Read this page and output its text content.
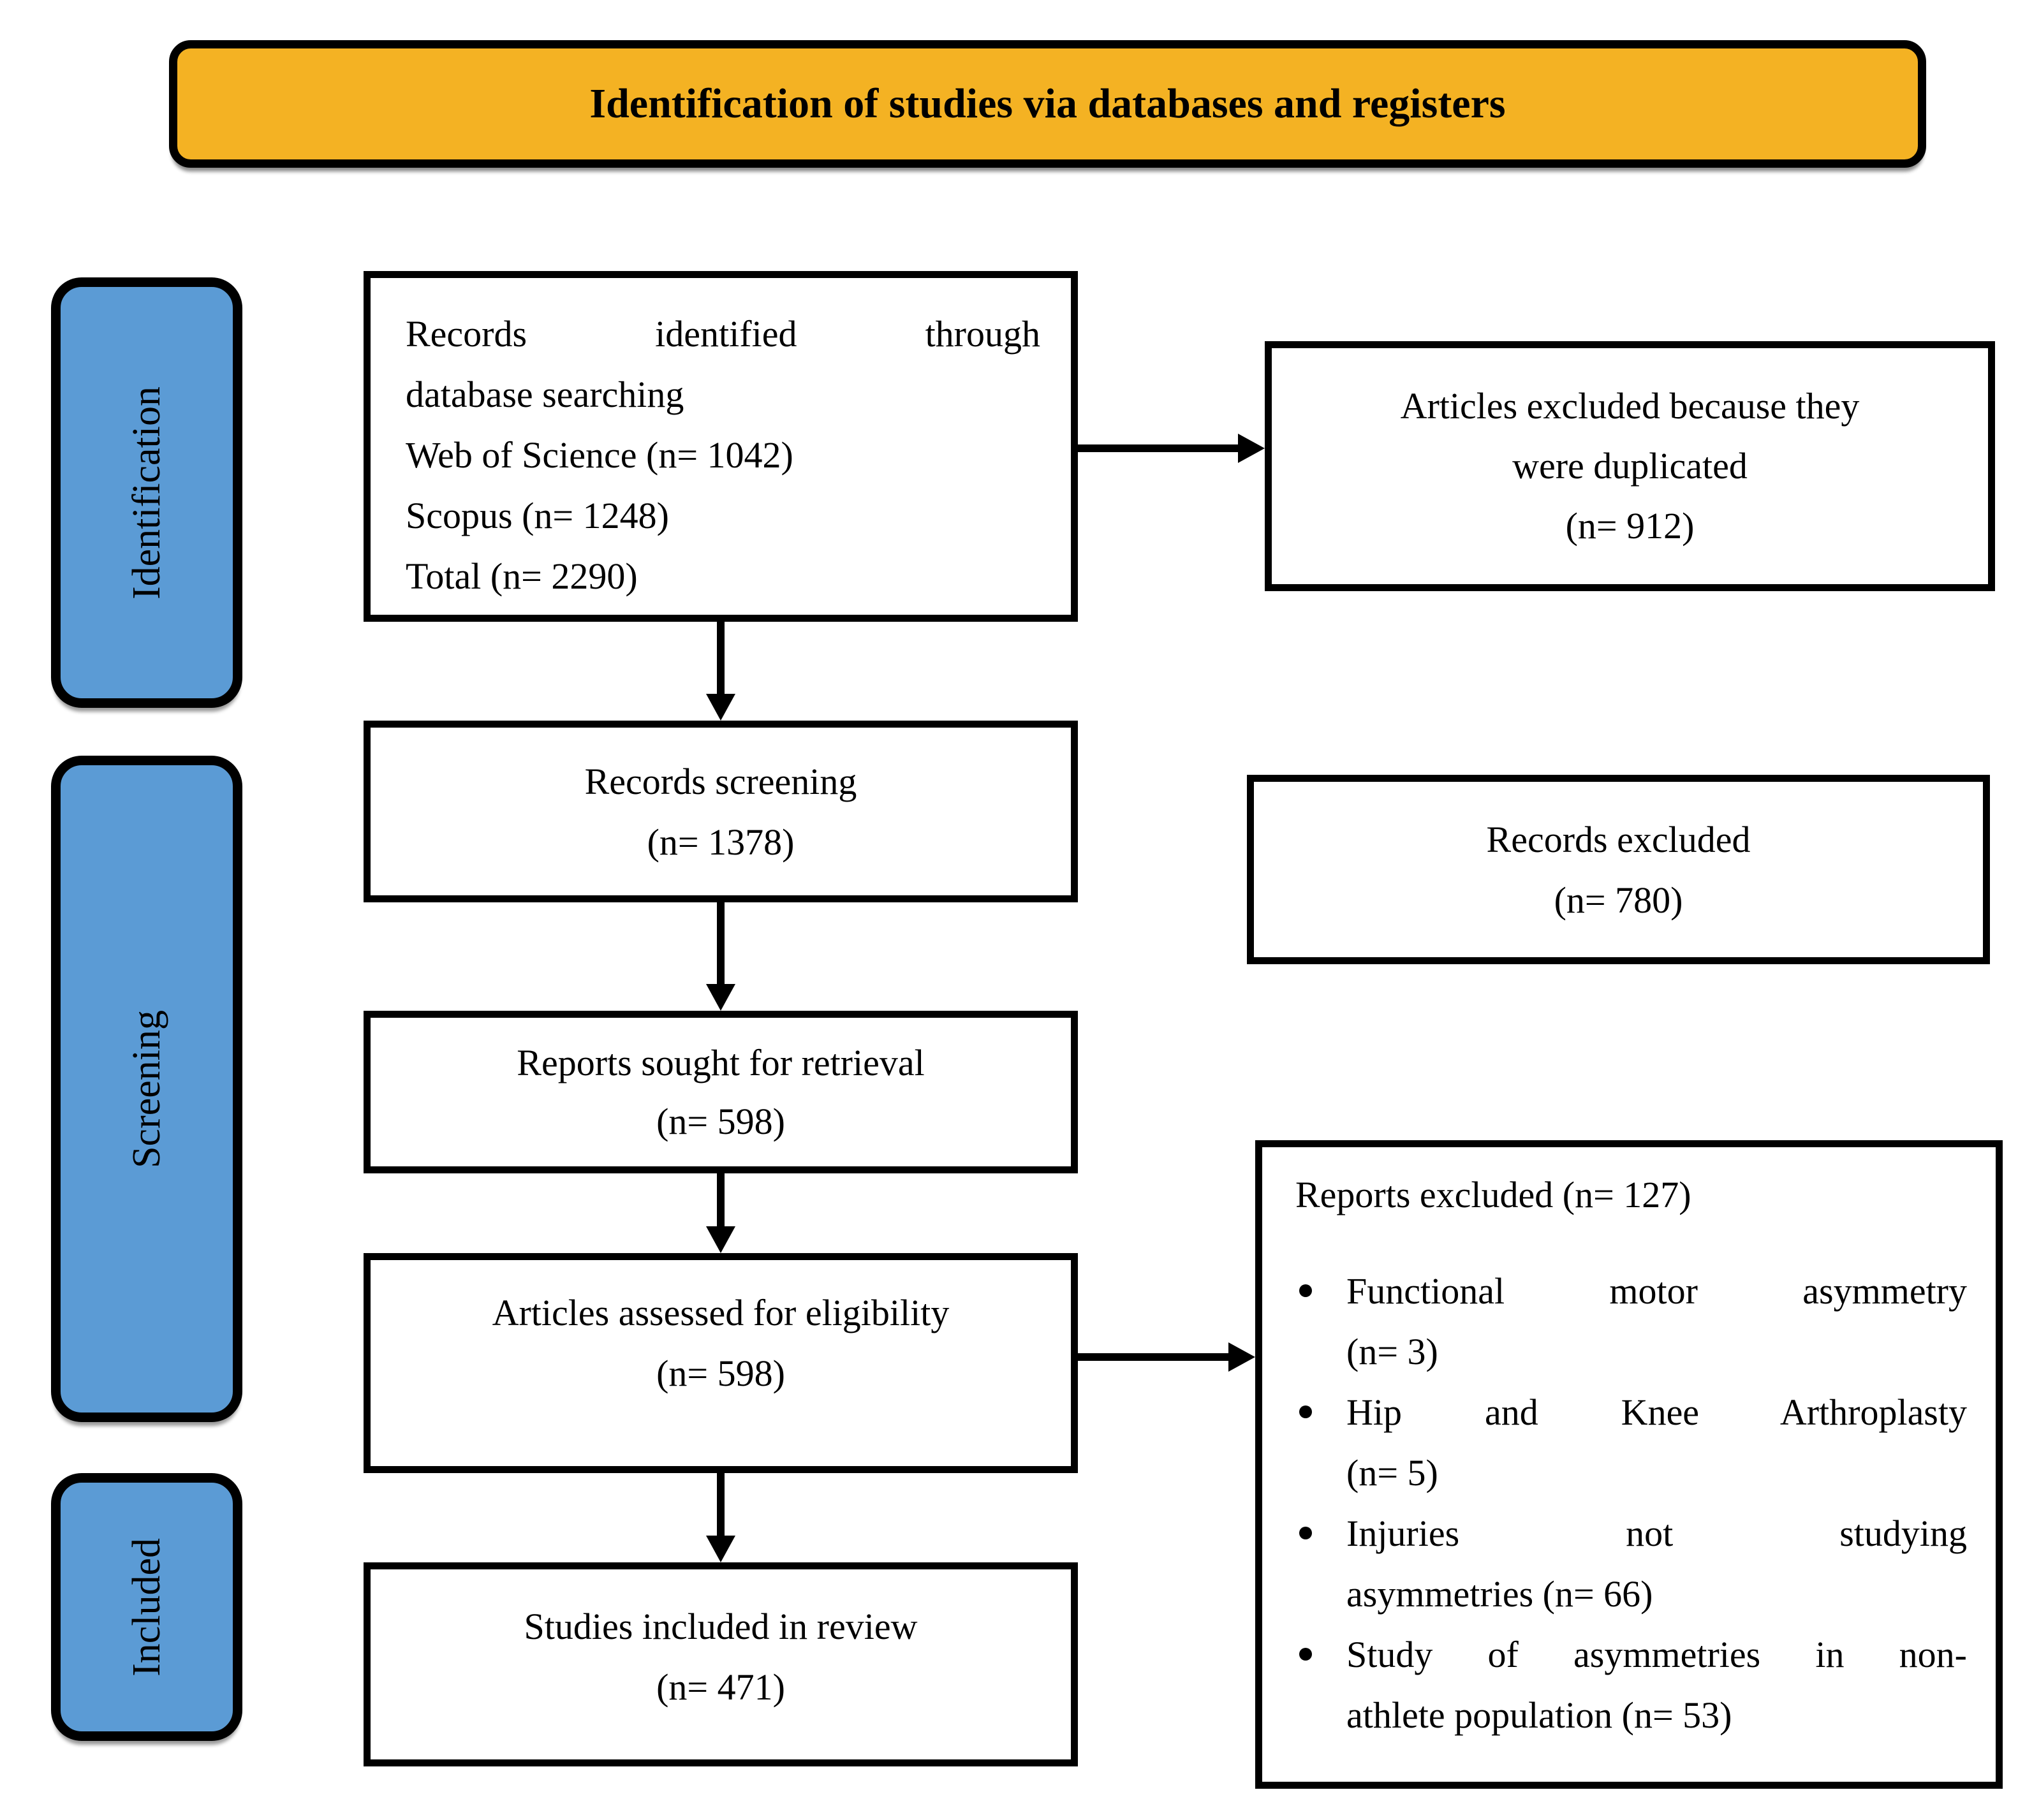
Identification of studies via databases and registers
Identification
Screening
Included
Records identified through
database searching
Web of Science (n= 1042)
Scopus (n= 1248)
Total (n= 2290)
Records screening
(n= 1378)
Reports sought for retrieval
(n= 598)
Articles assessed for eligibility
(n= 598)
Studies included in review
(n= 471)
Articles excluded because they
were duplicated
(n= 912)
Records excluded
(n= 780)
Reports excluded (n= 127)
Functional motor asymmetry
(n= 3)
Hip and Knee Arthroplasty
(n= 5)
Injuries not studying
asymmetries (n= 66)
Study of asymmetries in non-
athlete population (n= 53)
